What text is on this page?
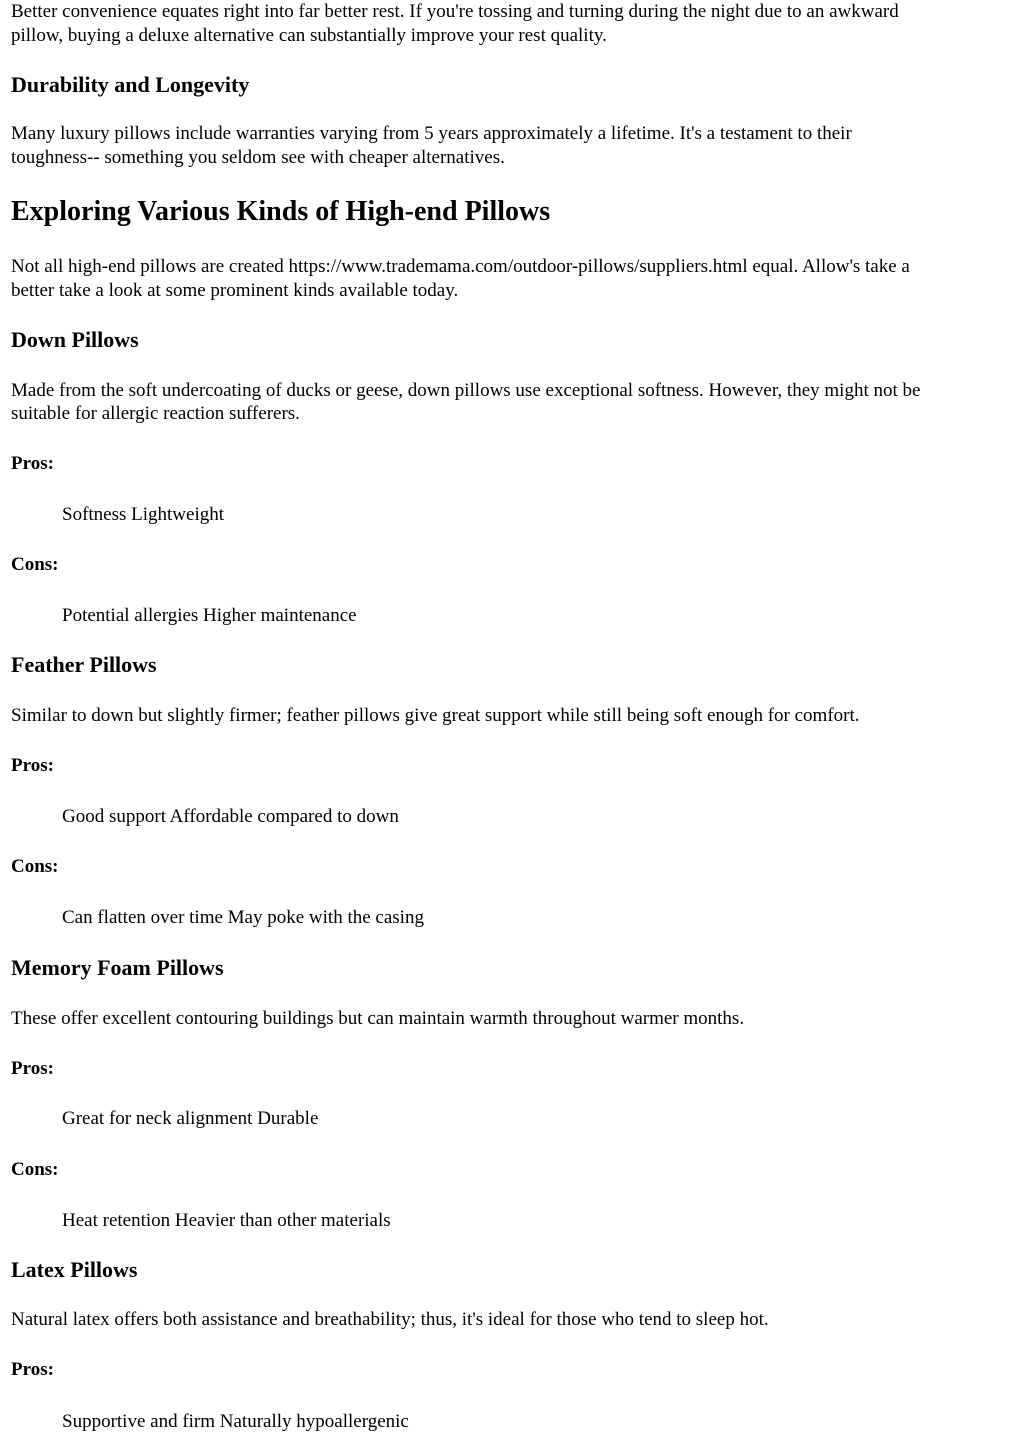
Better convenience equates right into far better rest. If you're tossing and turning during the night due to an awkward

pillow, buying a deluxe alternative can substantially improve your rest quality.

Durability and Longevity

Many luxury pillows include warranties varying from 5 years approximately a lifetime. It's a testament to their

toughness-- something you seldom see with cheaper alternatives.

Exploring Various Kinds of High-end Pillows

Not all high-end pillows are created https://www.trademama.com/outdoor-pillows/suppliers.html equal. Allow's take a

better take a look at some prominent kinds available today.

Down Pillows

Made from the soft undercoating of ducks or geese, down pillows use exceptional softness. However, they might not be

suitable for allergic reaction sufferers.

Pros:

Softness Lightweight

Cons:

Potential allergies Higher maintenance

Feather Pillows

Similar to down but slightly firmer; feather pillows give great support while still being soft enough for comfort.

Pros:

Good support Affordable compared to down

Cons:

Can flatten over time May poke with the casing

Memory Foam Pillows

These offer excellent contouring buildings but can maintain warmth throughout warmer months.

Pros:

Great for neck alignment Durable

Cons:

Heat retention Heavier than other materials

Latex Pillows

Natural latex offers both assistance and breathability; thus, it's ideal for those who tend to sleep hot.

Pros:

Supportive and firm Naturally hypoallergenic
